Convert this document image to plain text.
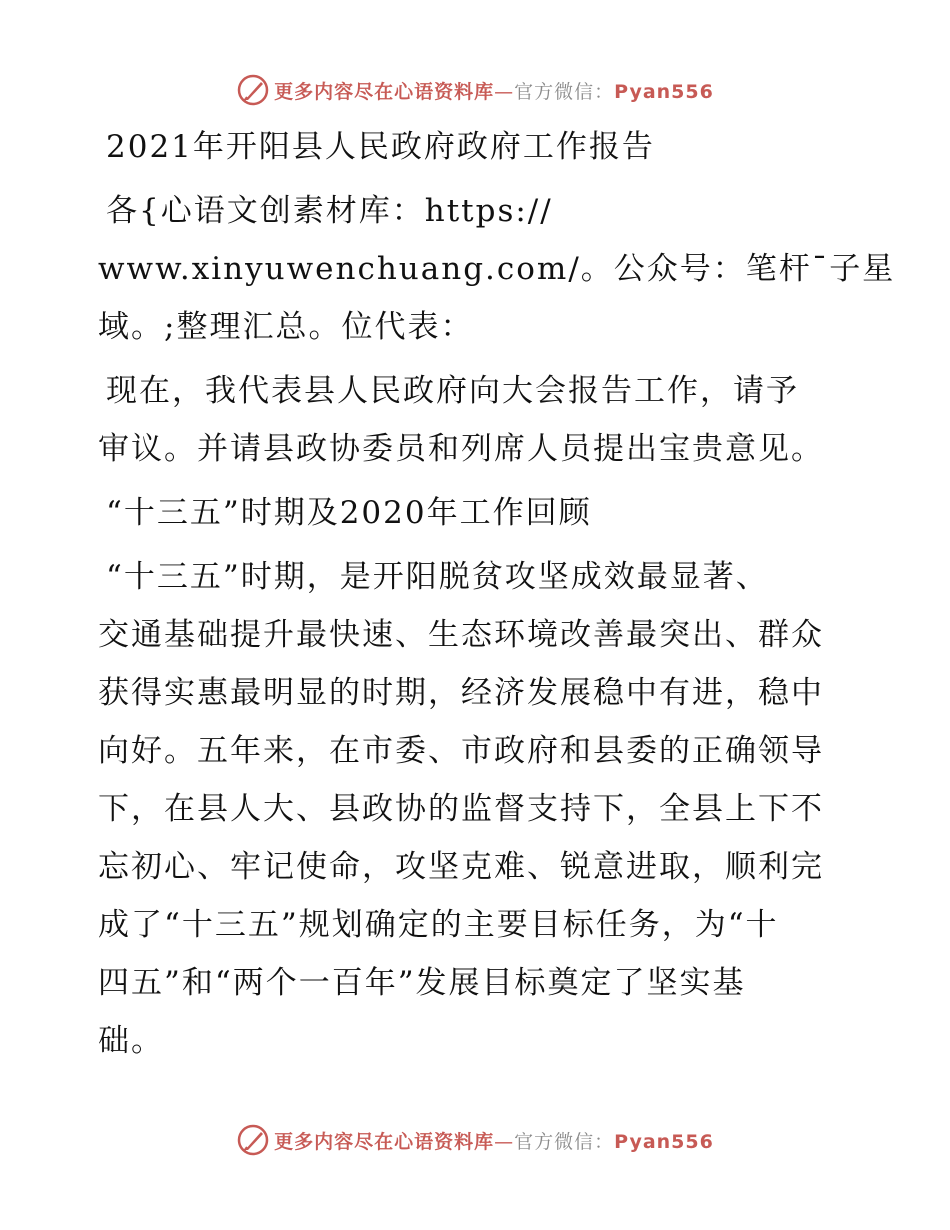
更多内容尽在心语资料库—官方微信：Pyan556
2021年开阳县人民政府政府工作报告
各{心语文创素材库：https://
www.xinyuwenchuang.com/。公众号：笔杆¯子星
域。;整理汇总。位代表：
现在，我代表县人民政府向大会报告工作，请予
审议。并请县政协委员和列席人员提出宝贵意见。
“十三五”时期及2020年工作回顾
“十三五”时期，是开阳脱贫攻坚成效最显著、
交通基础提升最快速、生态环境改善最突出、群众
获得实惠最明显的时期，经济发展稳中有进，稳中
向好。五年来，在市委、市政府和县委的正确领导
下，在县人大、县政协的监督支持下，全县上下不
忘初心、牢记使命，攻坚克难、锐意进取，顺利完
成了“十三五”规划确定的主要目标任务，为“十
四五”和“两个一百年”发展目标奠定了坚实基
础。
更多内容尽在心语资料库—官方微信：Pyan556
